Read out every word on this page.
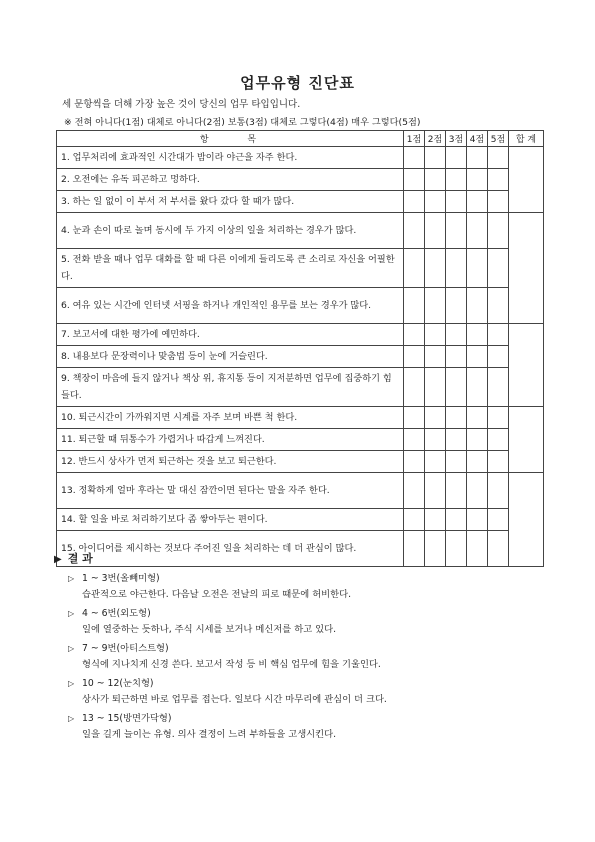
업무유형 진단표
세 문항씩을 더해 가장 높은 것이 당신의 업무 타입입니다.
※ 전혀 아니다(1점) 대체로 아니다(2점) 보통(3점) 대체로 그렇다(4점) 매우 그렇다(5점)
항 목	1점	2점	3점	4점	5점	합 계
1. 업무처리에 효과적인 시간대가 밤이라 야근을 자주 한다.						
2. 오전에는 유독 피곤하고 멍하다.						
3. 하는 일 없이 이 부서 저 부서를 왔다 갔다 할 때가 많다.						
4. 눈과 손이 따로 놀며 동시에 두 가지 이상의 일을 처리하는 경우가 많다.						
5. 전화 받을 때나 업무 대화를 할 때 다른 이에게 들리도록 큰 소리로 자신을 어필한다.						
6. 여유 있는 시간에 인터넷 서핑을 하거나 개인적인 용무를 보는 경우가 많다.						
7. 보고서에 대한 평가에 예민하다.						
8. 내용보다 문장력이나 맞춤법 등이 눈에 거슬린다.						
9. 책장이 마음에 들지 않거나 책상 위, 휴지통 등이 지저분하면 업무에 집중하기 힘들다.						
10. 퇴근시간이 가까워지면 시계를 자주 보며 바쁜 척 한다.						
11. 퇴근할 때 뒤통수가 가렵거나 따갑게 느껴진다.						
12. 반드시 상사가 먼저 퇴근하는 것을 보고 퇴근한다.						
13. 정확하게 얼마 후라는 말 대신 잠깐이면 된다는 말을 자주 한다.						
14. 할 일을 바로 처리하기보다 좀 쌓아두는 편이다.						
15. 아이디어를 제시하는 것보다 주어진 일을 처리하는 데 더 관심이 많다.						
▶ 결 과
▷ 1 ~ 3번(올빼미형)
습관적으로 야근한다. 다음날 오전은 전날의 피로 때문에 허비한다.
▷ 4 ~ 6번(외도형)
일에 열중하는 듯하나, 주식 시세를 보거나 메신저를 하고 있다.
▷ 7 ~ 9번(아티스트형)
형식에 지나치게 신경 쓴다. 보고서 작성 등 비 핵심 업무에 힘을 기울인다.
▷ 10 ~ 12(눈치형)
상사가 퇴근하면 바로 업무를 접는다. 일보다 시간 마무리에 관심이 더 크다.
▷ 13 ~ 15(방면가닥형)
일을 길게 늘이는 유형. 의사 결정이 느려 부하들을 고생시킨다.
